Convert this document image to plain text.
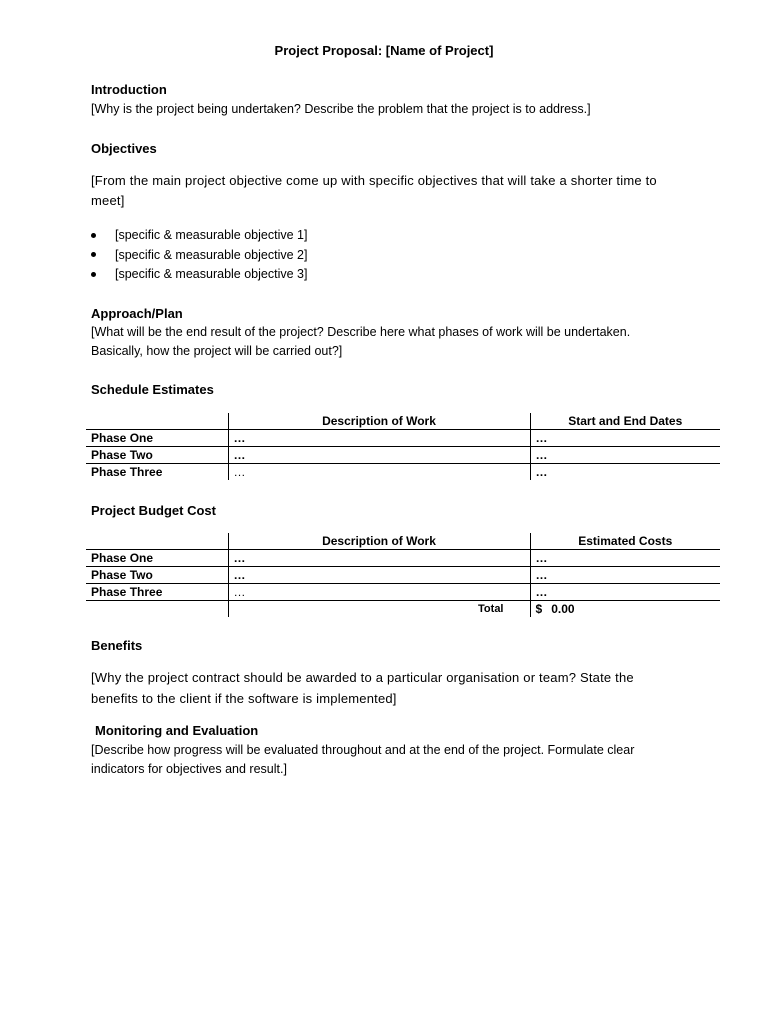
Project Proposal: [Name of Project]
Introduction
[Why is the project being undertaken? Describe the problem that the project is to address.]
Objectives
[From the main project objective come up with specific objectives that will take a shorter time to
meet]
[specific & measurable objective 1]
[specific & measurable objective 2]
[specific & measurable objective 3]
Approach/Plan
[What will be the end result of the project? Describe here what phases of work will be undertaken.
Basically, how the project will be carried out?]
Schedule Estimates
	Description of Work	Start and End Dates
Phase One	…	…
Phase Two	…	…
Phase Three	…	…
Project Budget Cost
	Description of Work	Estimated Costs
Phase One	…	…
Phase Two	…	…
Phase Three	…	…
	Total	$ 0.00
Benefits
[Why the project contract should be awarded to a particular organisation or team? State the
benefits to the client if the software is implemented]
Monitoring and Evaluation
[Describe how progress will be evaluated throughout and at the end of the project. Formulate clear
indicators for objectives and result.]
